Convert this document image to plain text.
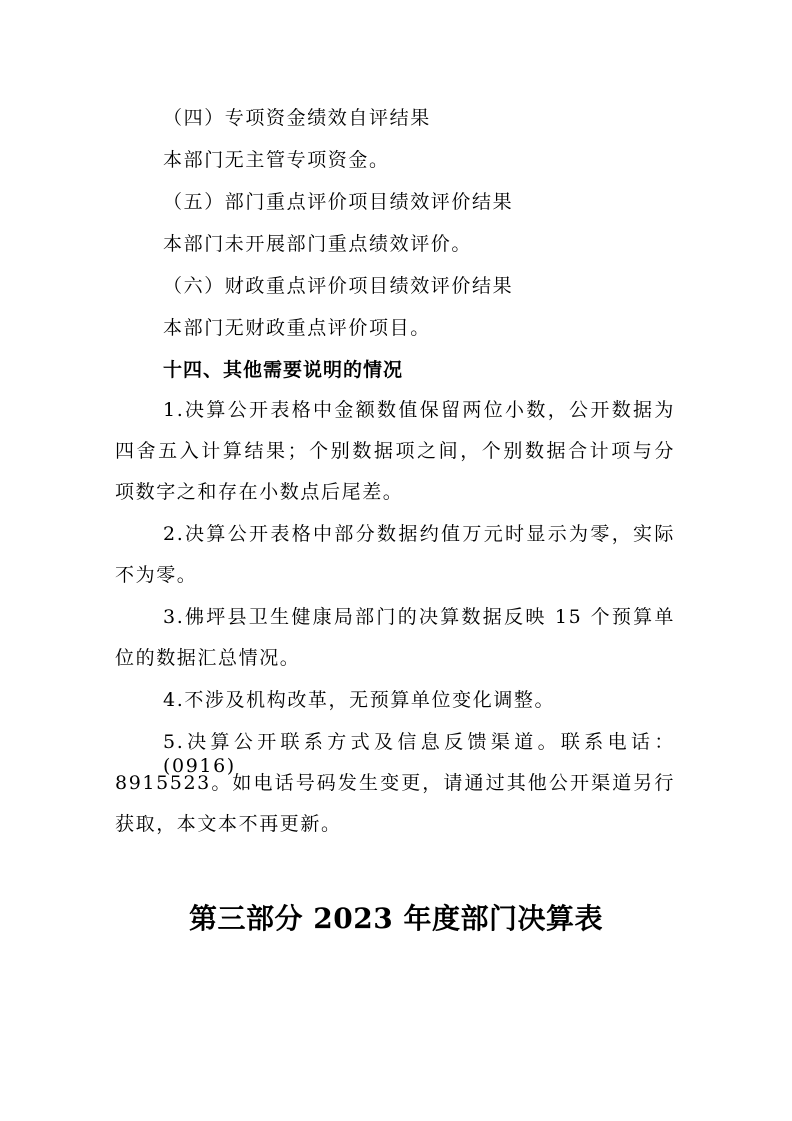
（四）专项资金绩效自评结果
本部门无主管专项资金。
（五）部门重点评价项目绩效评价结果
本部门未开展部门重点绩效评价。
（六）财政重点评价项目绩效评价结果
本部门无财政重点评价项目。
十四、其他需要说明的情况
1.决算公开表格中金额数值保留两位小数，公开数据为
四舍五入计算结果；个别数据项之间，个别数据合计项与分
项数字之和存在小数点后尾差。
2.决算公开表格中部分数据约值万元时显示为零，实际
不为零。
3.佛坪县卫生健康局部门的决算数据反映 15 个预算单
位的数据汇总情况。
4.不涉及机构改革，无预算单位变化调整。
5.决算公开联系方式及信息反馈渠道。联系电话：(0916)
8915523。如电话号码发生变更，请通过其他公开渠道另行
获取，本文本不再更新。
第三部分 2023 年度部门决算表
